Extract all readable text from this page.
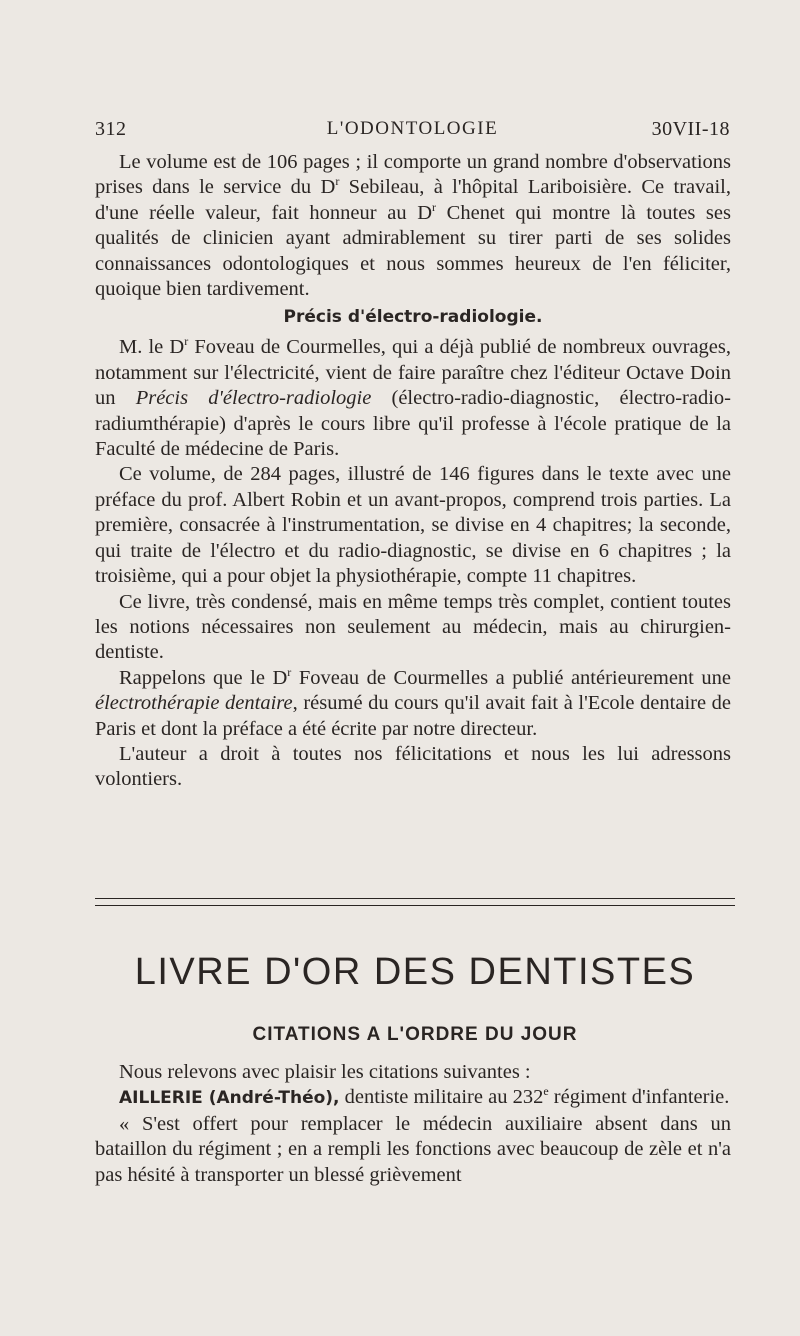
312	L'ODONTOLOGIE	30VII-18

Le volume est de 106 pages ; il comporte un grand nombre d'observations prises dans le service du $D^r$ Sebileau, à l'hôpital Lariboisière. Ce travail, d'une réelle valeur, fait honneur au $D^r$ Chenet qui montre là toutes ses qualités de clinicien ayant admirablement su tirer parti de ses solides connaissances odontologiques et nous sommes heureux de l'en féliciter, quoique bien tardivement.

Précis d'électro-radiologie.

M. le $D^r$ Foveau de Courmelles, qui a déjà publié de nombreux ouvrages, notamment sur l'électricité, vient de faire paraître chez l'éditeur Octave Doin un Précis d'électro-radiologie (électro-radio-diagnostic, électro-radio-radiumthérapie) d'après le cours libre qu'il professe à l'école pratique de la Faculté de médecine de Paris.

Ce volume, de 284 pages, illustré de 146 figures dans le texte avec une préface du prof. Albert Robin et un avant-propos, comprend trois parties. La première, consacrée à l'instrumentation, se divise en 4 chapitres; la seconde, qui traite de l'électro et du radio-diagnostic, se divise en 6 chapitres ; la troisième, qui a pour objet la physiothérapie, compte 11 chapitres.

Ce livre, très condensé, mais en même temps très complet, contient toutes les notions nécessaires non seulement au médecin, mais au chirurgien-dentiste.

Rappelons que le $D^r$ Foveau de Courmelles a publié antérieurement une électrothérapie dentaire, résumé du cours qu'il avait fait à l'Ecole dentaire de Paris et dont la préface a été écrite par notre directeur.

L'auteur a droit à toutes nos félicitations et nous les lui adressons volontiers.

LIVRE D'OR DES DENTISTES
CITATIONS A L'ORDRE DU JOUR

Nous relevons avec plaisir les citations suivantes :

AILLERIE (André-Théo), dentiste militaire au 232e régiment d'infanterie.

« S'est offert pour remplacer le médecin auxiliaire absent dans un bataillon du régiment ; en a rempli les fonctions avec beaucoup de zèle et n'a pas hésité à transporter un blessé grièvement
